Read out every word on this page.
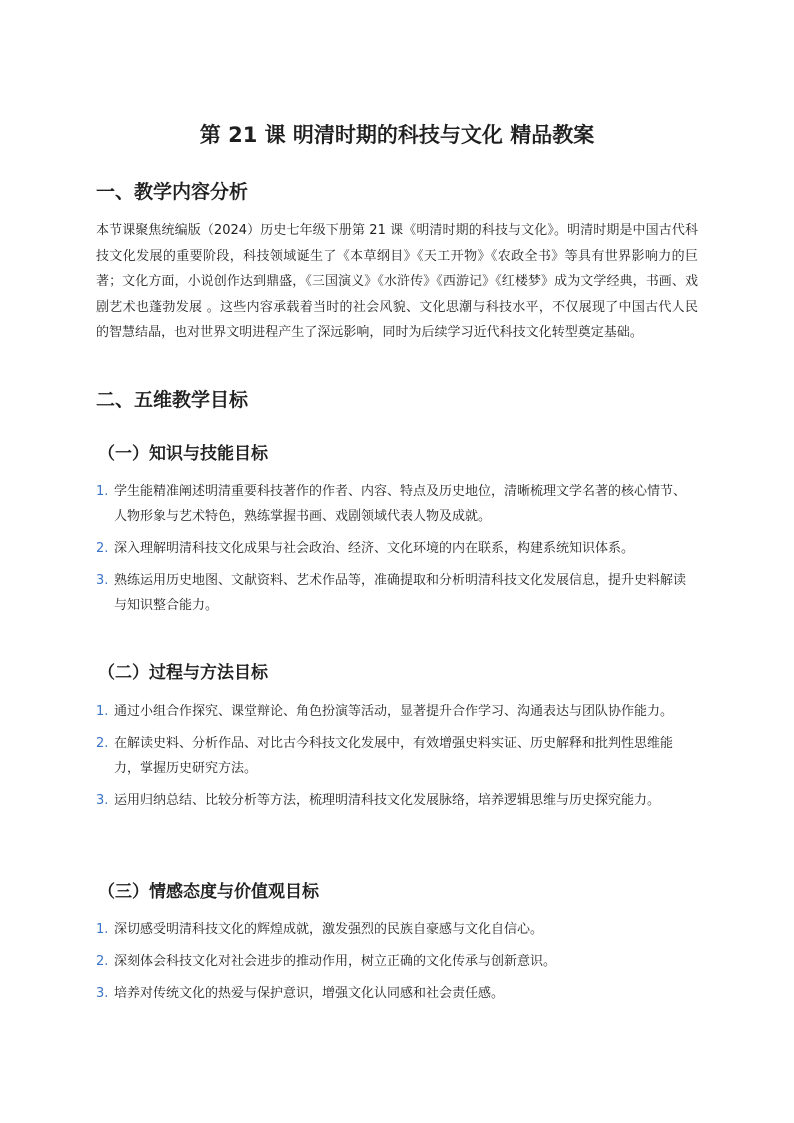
第 21 课 明清时期的科技与文化 精品教案
一、教学内容分析

本节课聚焦统编版（2024）历史七年级下册第 21 课《明清时期的科技与文化》。明清时期是中国古代科技文化发展的重要阶段，科技领域诞生了《本草纲目》《天工开物》《农政全书》等具有世界影响力的巨著；文化方面，小说创作达到鼎盛，《三国演义》《水浒传》《西游记》《红楼梦》成为文学经典，书画、戏剧艺术也蓬勃发展 。这些内容承载着当时的社会风貌、文化思潮与科技水平，不仅展现了中国古代人民的智慧结晶，也对世界文明进程产生了深远影响，同时为后续学习近代科技文化转型奠定基础。

二、五维教学目标
（一）知识与技能目标
1. 学生能精准阐述明清重要科技著作的作者、内容、特点及历史地位，清晰梳理文学名著的核心情节、人物形象与艺术特色，熟练掌握书画、戏剧领域代表人物及成就。
2. 深入理解明清科技文化成果与社会政治、经济、文化环境的内在联系，构建系统知识体系。
3. 熟练运用历史地图、文献资料、艺术作品等，准确提取和分析明清科技文化发展信息，提升史料解读与知识整合能力。
（二）过程与方法目标
1. 通过小组合作探究、课堂辩论、角色扮演等活动，显著提升合作学习、沟通表达与团队协作能力。
2. 在解读史料、分析作品、对比古今科技文化发展中，有效增强史料实证、历史解释和批判性思维能力，掌握历史研究方法。
3. 运用归纳总结、比较分析等方法，梳理明清科技文化发展脉络，培养逻辑思维与历史探究能力。
（三）情感态度与价值观目标
1. 深切感受明清科技文化的辉煌成就，激发强烈的民族自豪感与文化自信心。
2. 深刻体会科技文化对社会进步的推动作用，树立正确的文化传承与创新意识。
3. 培养对传统文化的热爱与保护意识，增强文化认同感和社会责任感。
